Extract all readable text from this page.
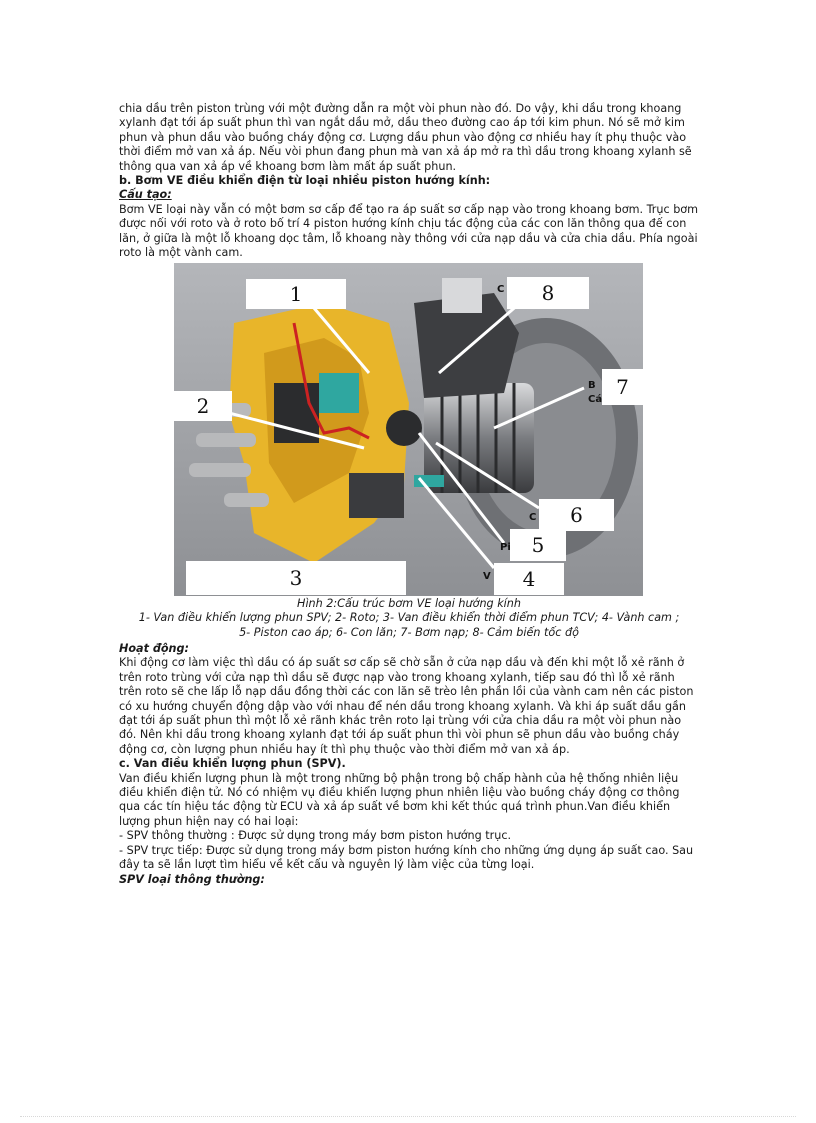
chia dầu trên piston trùng với một đường dẫn ra một vòi phun nào đó. Do vậy, khi dầu trong khoang xylanh đạt tới áp suất phun thì van ngắt dầu mở, dầu theo đường cao áp tới kim phun. Nó sẽ mở kim phun và phun dầu vào buồng cháy động cơ. Lượng dầu phun vào động cơ nhiều hay ít phụ thuộc vào thời điểm mở van xả áp. Nếu vòi phun đang phun mà van xả áp mở ra thì dầu trong khoang xylanh sẽ thông qua van xả áp về khoang bơm làm mất áp suất phun.

b. Bơm VE điều khiển điện từ loại nhiều piston hướng kính:

Cấu tạo:

Bơm VE loại này vẫn có một bơm sơ cấp để tạo ra áp suất sơ cấp nạp vào trong khoang bơm. Trục bơm được nối với roto và ở roto bố trí 4 piston hướng kính chịu tác động của các con lăn thông qua đế con lăn, ở giữa là một lỗ khoang dọc tâm, lỗ khoang này thông với cửa nạp dầu và cửa chia dầu. Phía ngoài roto là một vành cam.

1
2
3	4
5
6
7
8
C
B
Cá
C
Pi
V

Hình 2:Cấu trúc bơm VE loại hướng kính

1- Van điều khiển lượng phun SPV; 2- Roto; 3- Van điều khiển thời điểm phun TCV; 4- Vành cam ;

5- Piston cao áp; 6- Con lăn; 7- Bơm nạp; 8- Cảm biến tốc độ

Hoạt động:

Khi động cơ làm việc thì dầu có áp suất sơ cấp sẽ chờ sẵn ở cửa nạp dầu và đến khi một lỗ xẻ rãnh ở trên roto trùng với cửa nạp thì dầu sẽ được nạp vào trong khoang xylanh, tiếp sau đó thì lỗ xẻ rãnh trên roto sẽ che lấp lỗ nạp dầu đồng thời các con lăn sẽ trèo lên phần lồi của vành cam nên các piston có xu hướng chuyển động dập vào với nhau để nén dầu trong khoang xylanh. Và khi áp suất dầu gần đạt tới áp suất phun thì một lỗ xẻ rãnh khác trên roto lại trùng với cửa chia dầu ra một vòi phun nào đó. Nên khi dầu trong khoang xylanh đạt tới áp suất phun thì vòi phun sẽ phun dầu vào buồng cháy động cơ, còn lượng phun nhiều hay ít thì phụ thuộc vào thời điểm mở van xả áp.

c. Van điều khiển lượng phun (SPV).

Van điều khiển lượng phun là một trong những bộ phận trong bộ chấp hành của hệ thống nhiên liệu điều khiển điện tử. Nó có nhiệm vụ điều khiển lượng phun nhiên liệu vào buồng cháy động cơ thông qua các tín hiệu tác động từ ECU và xả áp suất về bơm khi kết thúc quá trình phun.Van điều khiển lượng phun hiện nay có hai loại:

- SPV thông thường : Được sử dụng trong máy bơm piston hướng trục.

- SPV trực tiếp: Được sử dụng trong máy bơm piston hướng kính cho những ứng dụng áp suất cao. Sau đây ta sẽ lần lượt tìm hiểu về kết cấu và nguyên lý làm việc của từng loại.

SPV loại thông thường:
